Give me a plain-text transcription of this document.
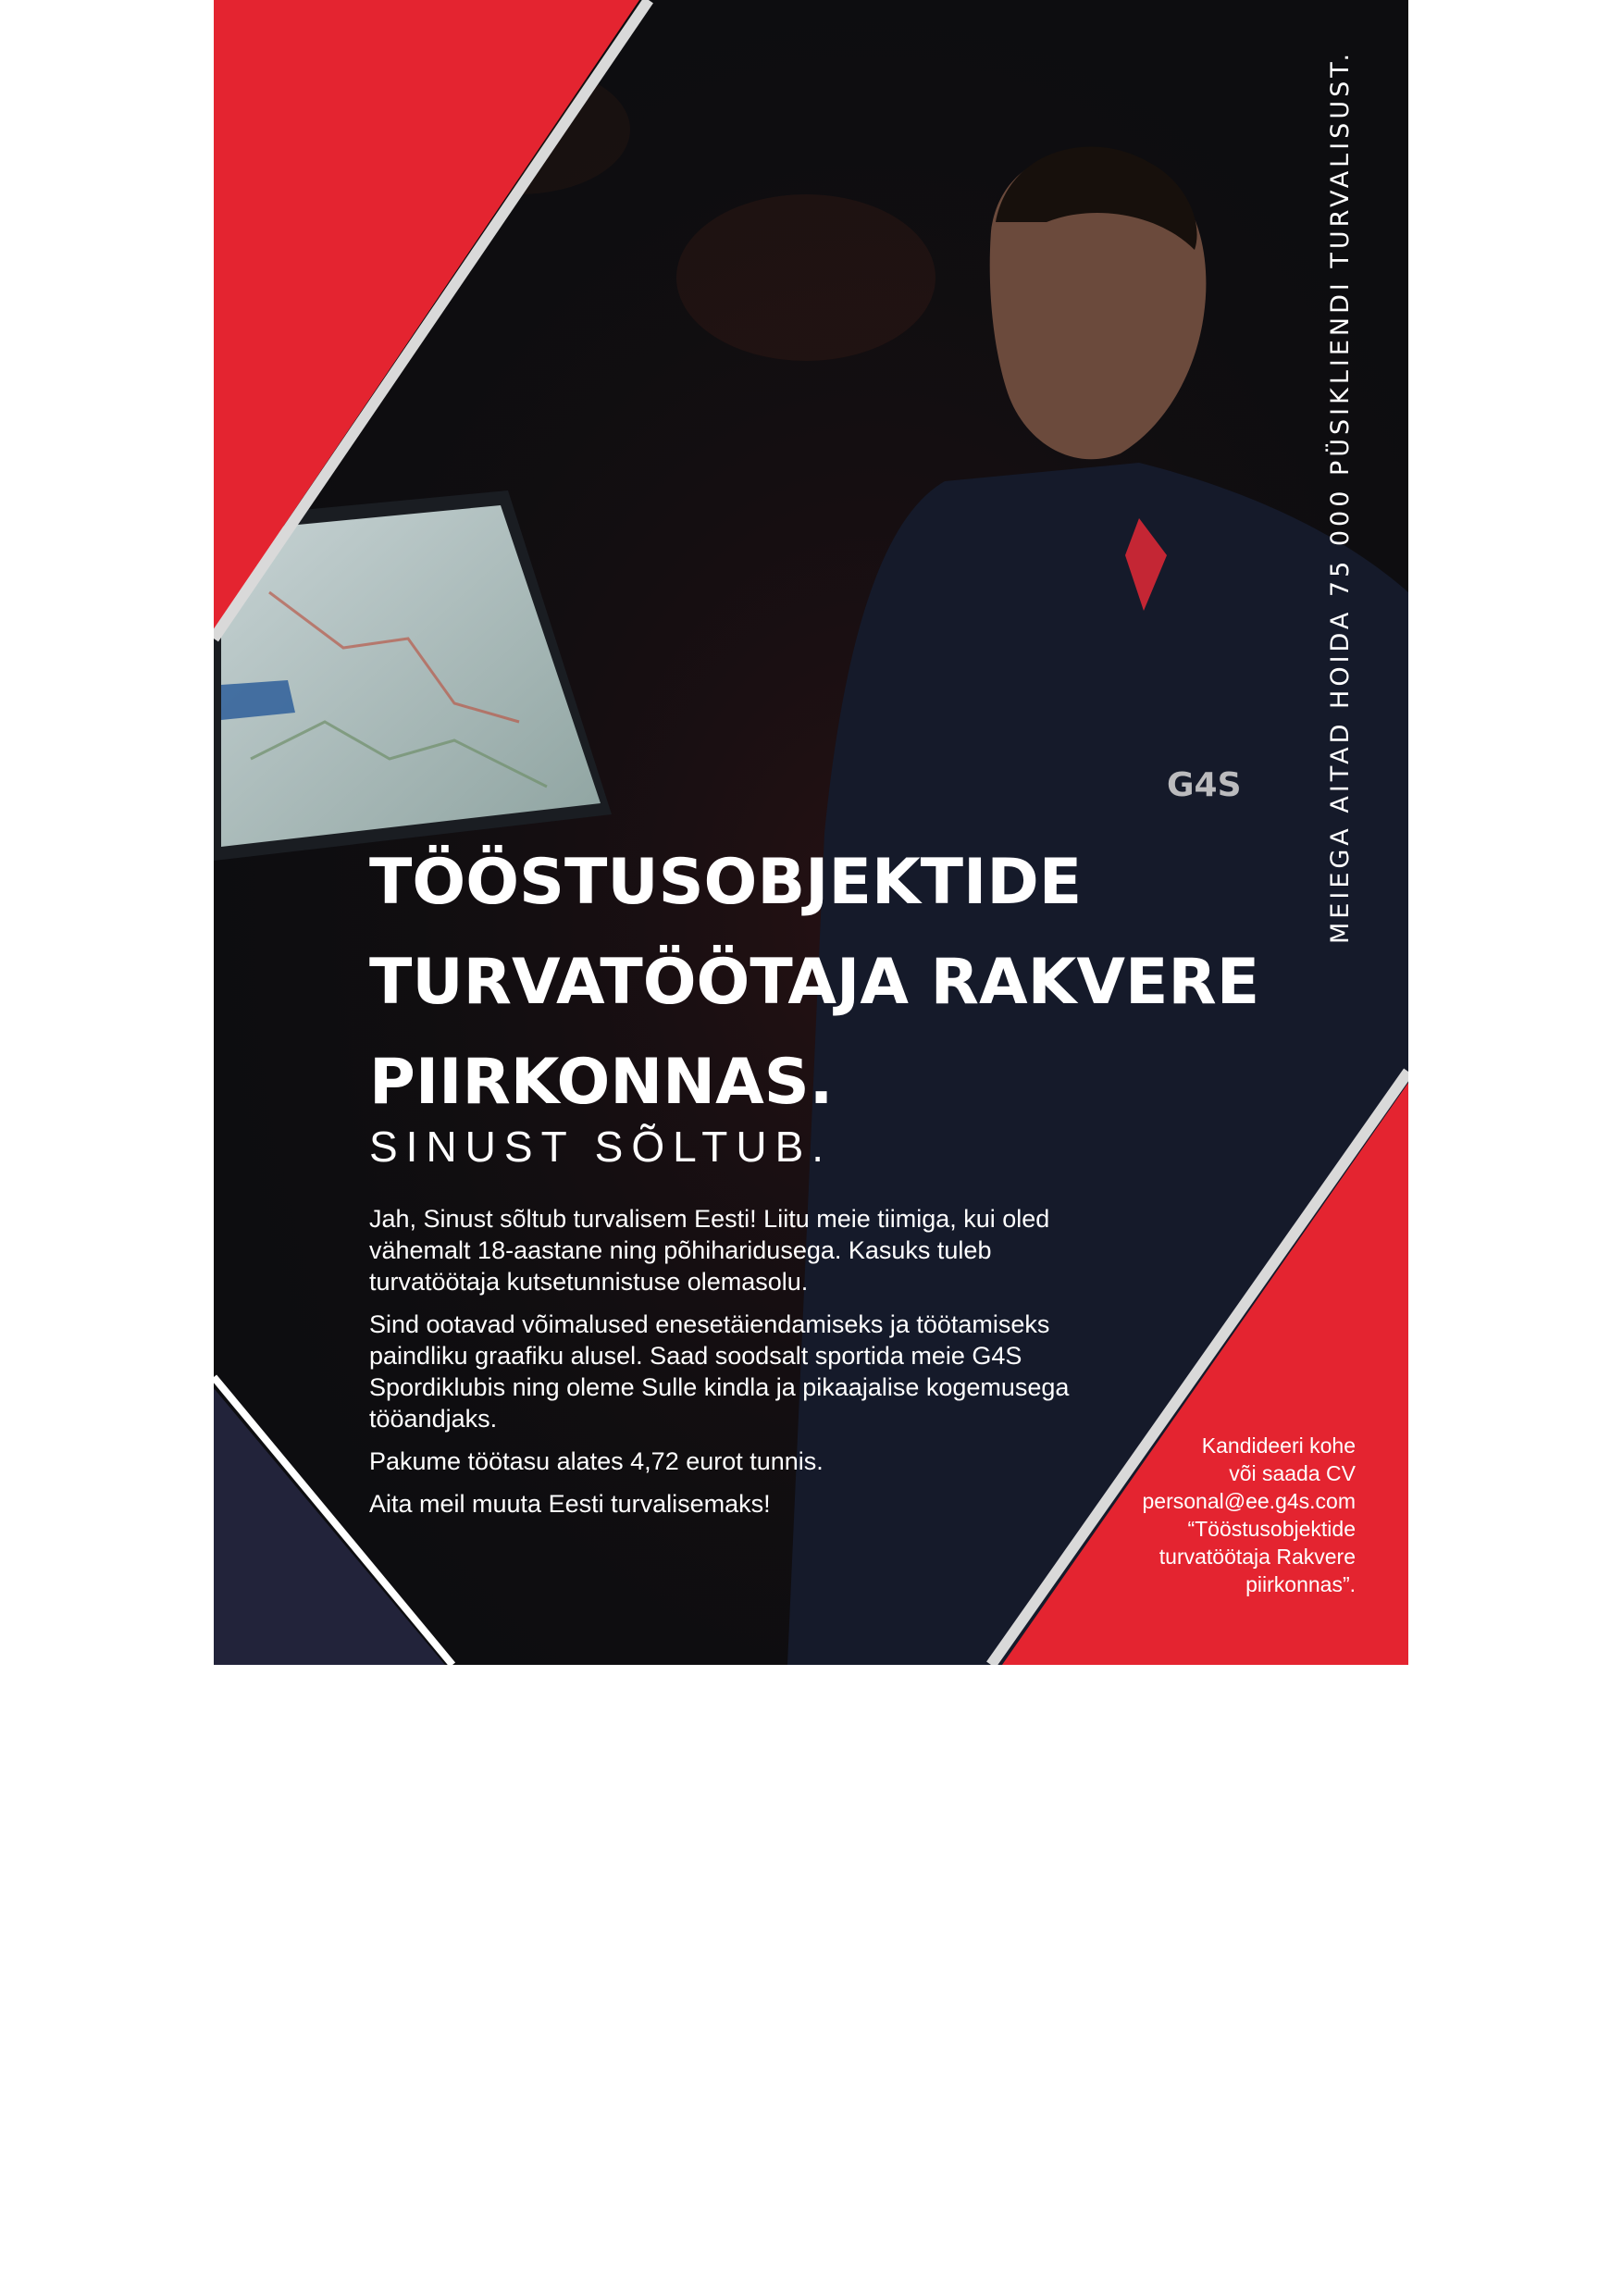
G4S
TÖÖSTUSOBJEKTIDE
TURVATÖÖTAJA RAKVERE
PIIRKONNAS.

SINUST SÕLTUB.

Jah, Sinust sõltub turvalisem Eesti! Liitu meie tiimiga, kui oled vähemalt 18-aastane ning põhiharidusega. Kasuks tuleb turvatöötaja kutsetunnistuse olemasolu.

Sind ootavad võimalused enesetäiendamiseks ja töötamiseks paindliku graafiku alusel. Saad soodsalt sportida meie G4S Spordiklubis ning oleme Sulle kindla ja pikaajalise kogemusega tööandjaks.

Pakume töötasu alates 4,72 eurot tunnis.

Aita meil muuta Eesti turvalisemaks!

MEIEGA AITAD HOIDA 75 000 PÜSIKLIENDI TURVALISUST.
Kandideeri kohe
või saada CV
personal@ee.g4s.com
“Tööstusobjektide
turvatöötaja Rakvere
piirkonnas”.
